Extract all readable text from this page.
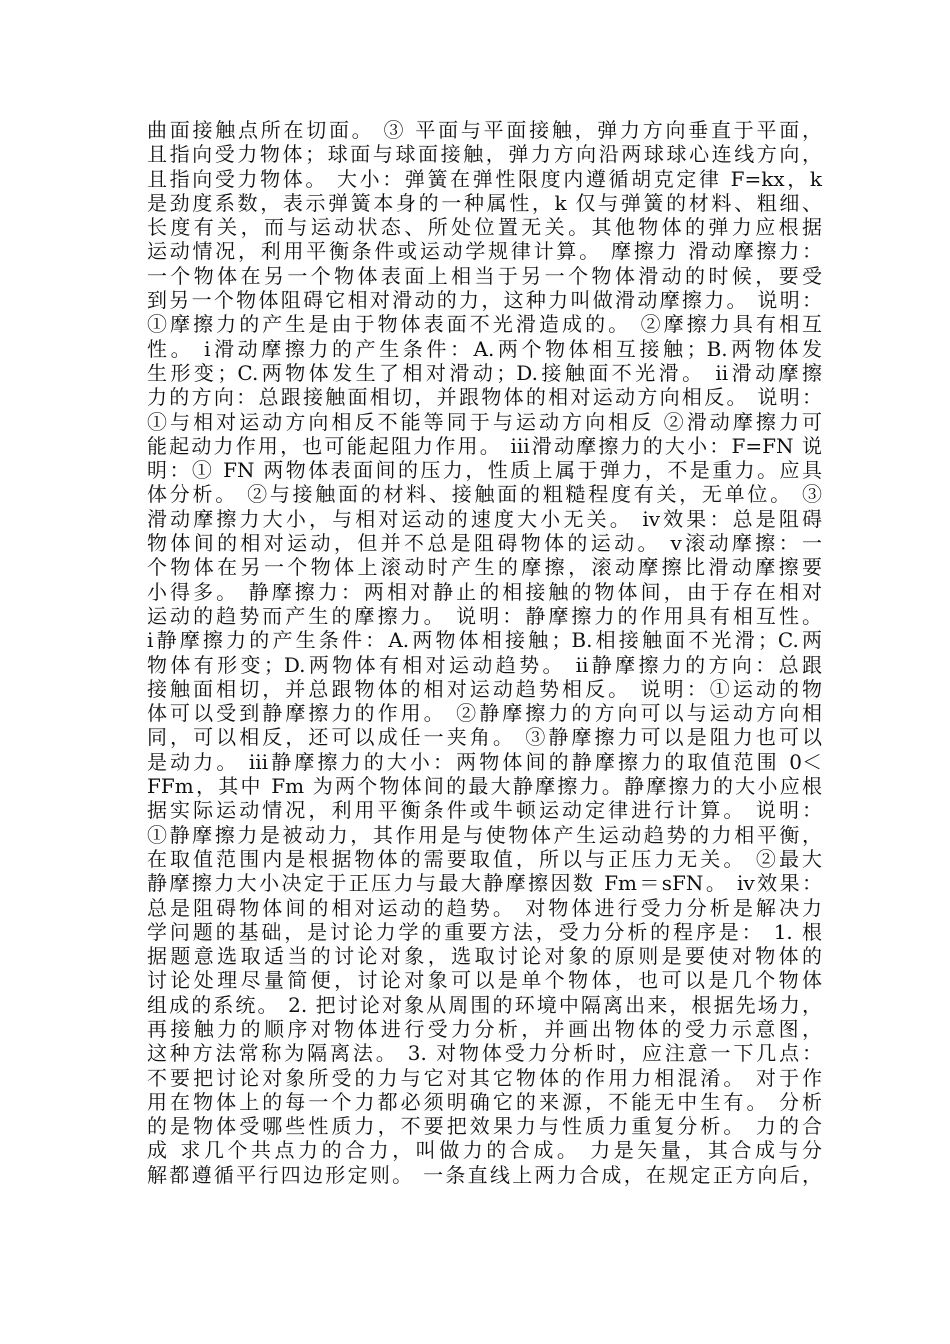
曲面接触点所在切面。 ③ 平面与平面接触，弹力方向垂直于平面，
且指向受力物体；球面与球面接触，弹力方向沿两球球心连线方向，
且指向受力物体。 大小：弹簧在弹性限度内遵循胡克定律 F=kx，k
是劲度系数，表示弹簧本身的一种属性，k 仅与弹簧的材料、粗细、
长度有关，而与运动状态、所处位置无关。其他物体的弹力应根据
运动情况，利用平衡条件或运动学规律计算。 摩擦力 滑动摩擦力：
一个物体在另一个物体表面上相当于另一个物体滑动的时候，要受
到另一个物体阻碍它相对滑动的力，这种力叫做滑动摩擦力。 说明：
①摩擦力的产生是由于物体表面不光滑造成的。 ②摩擦力具有相互
性。 ⅰ滑动摩擦力的产生条件：A.两个物体相互接触；B.两物体发
生形变；C.两物体发生了相对滑动；D.接触面不光滑。 ⅱ滑动摩擦
力的方向：总跟接触面相切，并跟物体的相对运动方向相反。 说明：
①与相对运动方向相反不能等同于与运动方向相反 ②滑动摩擦力可
能起动力作用，也可能起阻力作用。 ⅲ滑动摩擦力的大小：F=FN 说
明：① FN 两物体表面间的压力，性质上属于弹力，不是重力。应具
体分析。 ②与接触面的材料、接触面的粗糙程度有关，无单位。 ③
滑动摩擦力大小，与相对运动的速度大小无关。 ⅳ效果：总是阻碍
物体间的相对运动，但并不总是阻碍物体的运动。 ⅴ滚动摩擦：一
个物体在另一个物体上滚动时产生的摩擦，滚动摩擦比滑动摩擦要
小得多。 静摩擦力：两相对静止的相接触的物体间，由于存在相对
运动的趋势而产生的摩擦力。 说明：静摩擦力的作用具有相互性。
ⅰ静摩擦力的产生条件：A.两物体相接触；B.相接触面不光滑；C.两
物体有形变；D.两物体有相对运动趋势。 ⅱ静摩擦力的方向：总跟
接触面相切，并总跟物体的相对运动趋势相反。 说明：①运动的物
体可以受到静摩擦力的作用。 ②静摩擦力的方向可以与运动方向相
同，可以相反，还可以成任一夹角。 ③静摩擦力可以是阻力也可以
是动力。 ⅲ静摩擦力的大小：两物体间的静摩擦力的取值范围 0＜
FFm，其中 Fm 为两个物体间的最大静摩擦力。静摩擦力的大小应根
据实际运动情况，利用平衡条件或牛顿运动定律进行计算。 说明：
①静摩擦力是被动力，其作用是与使物体产生运动趋势的力相平衡，
在取值范围内是根据物体的需要取值，所以与正压力无关。 ②最大
静摩擦力大小决定于正压力与最大静摩擦因数 Fm＝sFN。 ⅳ效果：
总是阻碍物体间的相对运动的趋势。 对物体进行受力分析是解决力
学问题的基础，是讨论力学的重要方法，受力分析的程序是： 1. 根
据题意选取适当的讨论对象，选取讨论对象的原则是要使对物体的
讨论处理尽量简便，讨论对象可以是单个物体，也可以是几个物体
组成的系统。 2. 把讨论对象从周围的环境中隔离出来，根据先场力，
再接触力的顺序对物体进行受力分析，并画出物体的受力示意图，
这种方法常称为隔离法。 3. 对物体受力分析时，应注意一下几点：
不要把讨论对象所受的力与它对其它物体的作用力相混淆。 对于作
用在物体上的每一个力都必须明确它的来源，不能无中生有。 分析
的是物体受哪些性质力，不要把效果力与性质力重复分析。 力的合
成 求几个共点力的合力，叫做力的合成。 力是矢量，其合成与分
解都遵循平行四边形定则。 一条直线上两力合成，在规定正方向后，
